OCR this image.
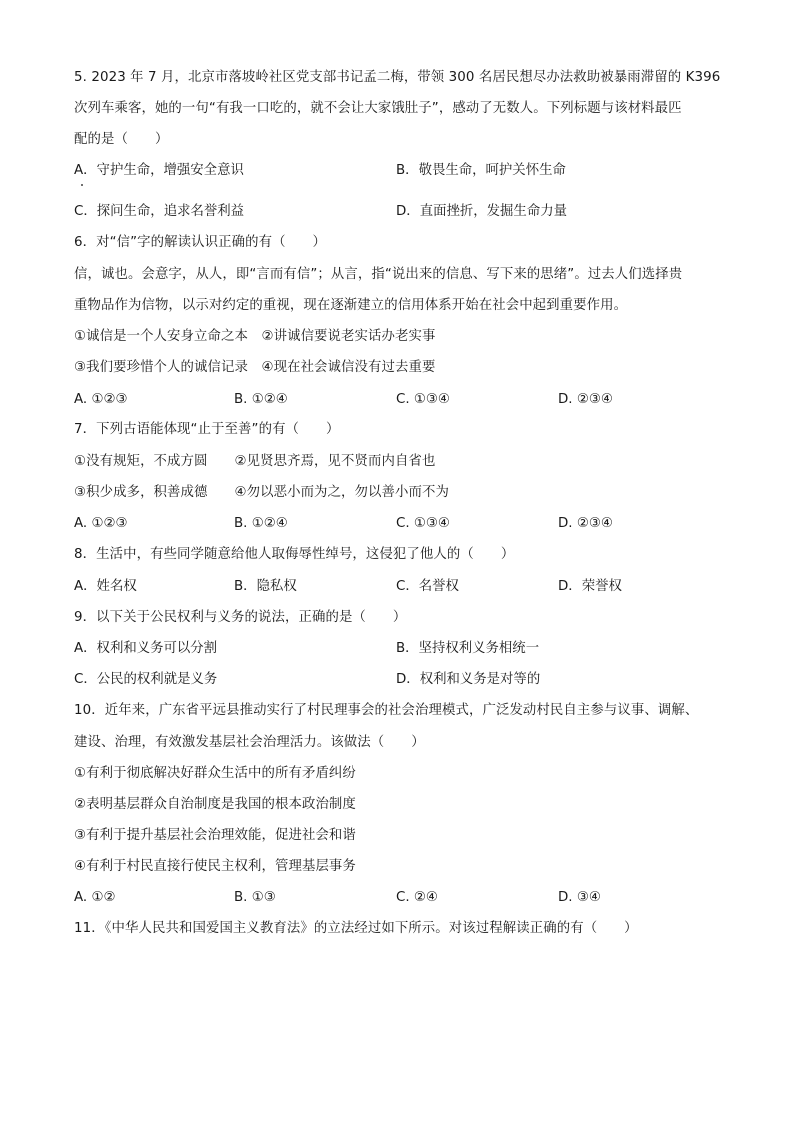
5. 2023 年 7 月，北京市落坡岭社区党支部书记孟二梅，带领 300 名居民想尽办法救助被暴雨滞留的 K396
次列车乘客，她的一句“有我一口吃的，就不会让大家饿肚子”，感动了无数人。下列标题与该材料最匹
配的是（　　）
A．守护生命，增强安全意识	B．敬畏生命，呵护关怀生命
C．探问生命，追求名誉利益	D．直面挫折，发掘生命力量
6．对“信”字的解读认识正确的有（　　）
信，诚也。会意字，从人，即“言而有信”；从言，指“说出来的信息、写下来的思绪”。过去人们选择贵
重物品作为信物，以示对约定的重视，现在逐渐建立的信用体系开始在社会中起到重要作用。
①诚信是一个人安身立命之本　②讲诚信要说老实话办老实事
③我们要珍惜个人的诚信记录　④现在社会诚信没有过去重要
A. ①②③	B. ①②④	C. ①③④	D. ②③④
7．下列古语能体现“止于至善”的有（　　）
①没有规矩，不成方圆　　②见贤思齐焉，见不贤而内自省也
③积少成多，积善成德　　④勿以恶小而为之，勿以善小而不为
A. ①②③	B. ①②④	C. ①③④	D. ②③④
8．生活中，有些同学随意给他人取侮辱性绰号，这侵犯了他人的（　　）
A．姓名权	B．隐私权	C．名誉权	D．荣誉权
9．以下关于公民权利与义务的说法，正确的是（　　）
A．权利和义务可以分割	B．坚持权利义务相统一
C．公民的权利就是义务	D．权利和义务是对等的
10．近年来，广东省平远县推动实行了村民理事会的社会治理模式，广泛发动村民自主参与议事、调解、
建设、治理，有效激发基层社会治理活力。该做法（　　）
①有利于彻底解决好群众生活中的所有矛盾纠纷
②表明基层群众自治制度是我国的根本政治制度
③有利于提升基层社会治理效能，促进社会和谐
④有利于村民直接行使民主权利，管理基层事务
A. ①②	B. ①③	C. ②④	D. ③④
11．《中华人民共和国爱国主义教育法》的立法经过如下所示。对该过程解读正确的有（　　）
